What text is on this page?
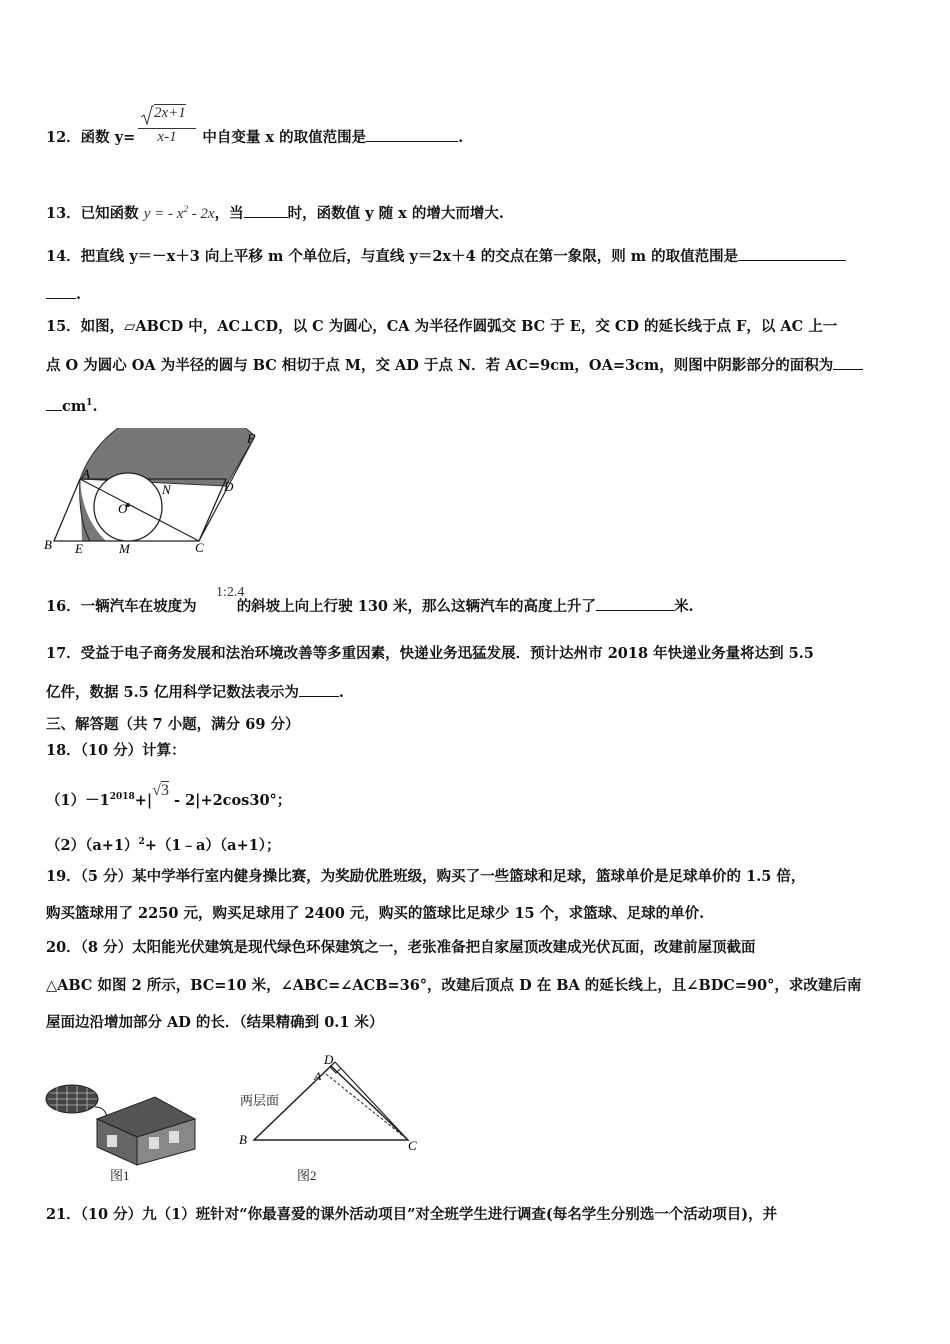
12．函数 y=	中自变量 x 的取值范围是	.
2x+1
x-1
13．已知函数 y = - $x^2 - 2x$，当	时，函数值 y 随 x 的增大而增大.
14．把直线 y＝－x＋3 向上平移 m 个单位后，与直线 y＝2x＋4 的交点在第一象限，则 m 的取值范围是
.
15．如图，▱ABCD 中，AC⊥CD，以 C 为圆心，CA 为半径作圆弧交 BC 于 E，交 CD 的延长线于点 F，以 AC 上一
点 O 为圆心 OA 为半径的圆与 BC 相切于点 M，交 AD 于点 N．若 AC=9cm，OA=3cm，则图中阴影部分的面积为
$cm^1$.
A
B	C
D
E
F
M
N
O
16．一辆汽车在坡度为	的斜坡上向上行驶 130 米，那么这辆汽车的高度上升了	米.
1:2.4
17．受益于电子商务发展和法治环境改善等多重因素，快递业务迅猛发展．预计达州市 2018 年快递业务量将达到 5.5
亿件，数据 5.5 亿用科学记数法表示为	.
三、解答题（共 7 小题，满分 69 分）
18．（10 分）计算：
$(1)-1^{2018}+|√3 - 2|+2\cos 30^\circ$；
$(2)(a+1)^2+(1﹣a)(a+1)$；
19．（5 分）某中学举行室内健身操比赛，为奖励优胜班级，购买了一些篮球和足球，篮球单价是足球单价的 1.5 倍，
购买篮球用了 2250 元，购买足球用了 2400 元，购买的篮球比足球少 15 个，求篮球、足球的单价.
20．（8 分）太阳能光伏建筑是现代绿色环保建筑之一，老张准备把自家屋顶改建成光伏瓦面，改建前屋顶截面
△ABC 如图 2 所示，BC=10 米，∠ABC=∠ACB=36°，改建后顶点 D 在 BA 的延长线上，且∠BDC=90°，求改建后南
屋面边沿增加部分 AD 的长．（结果精确到 0.1 米）
图1
D
A
B	C
两层面
图2
21．（10 分）九（1）班针对“你最喜爱的课外活动项目”对全班学生进行调查(每名学生分别选一个活动项目)，并
